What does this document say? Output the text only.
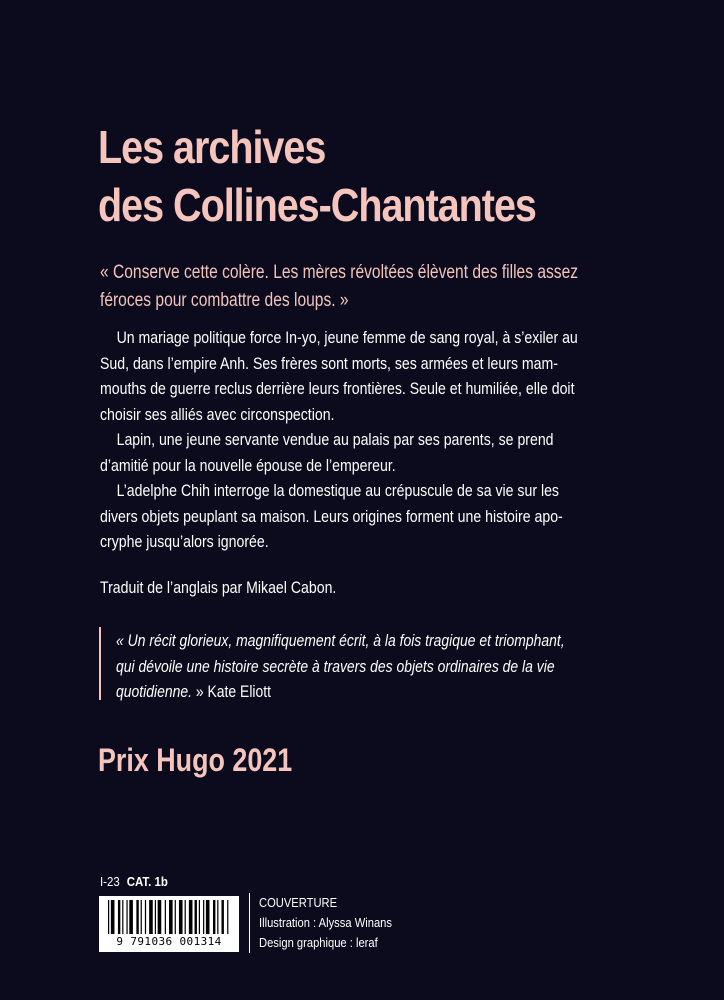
Les archives
des Collines-Chantantes
« Conserve cette colère. Les mères révoltées élèvent des filles assez
féroces pour combattre des loups. »
Un mariage politique force In-yo, jeune femme de sang royal, à s’exiler au
Sud, dans l’empire Anh. Ses frères sont morts, ses armées et leurs mam-
mouths de guerre reclus derrière leurs frontières. Seule et humiliée, elle doit
choisir ses alliés avec circonspection.
Lapin, une jeune servante vendue au palais par ses parents, se prend
d’amitié pour la nouvelle épouse de l’empereur.
L’adelphe Chih interroge la domestique au crépuscule de sa vie sur les
divers objets peuplant sa maison. Leurs origines forment une histoire apo-
cryphe jusqu’alors ignorée.
Traduit de l’anglais par Mikael Cabon.
« Un récit glorieux, magnifiquement écrit, à la fois tragique et triomphant,
qui dévoile une histoire secrète à travers des objets ordinaires de la vie
quotidienne. » Kate Eliott
Prix Hugo 2021
I-23 CAT. 1b
9 791036 001314
COUVERTURE
Illustration : Alyssa Winans
Design graphique : leraf
